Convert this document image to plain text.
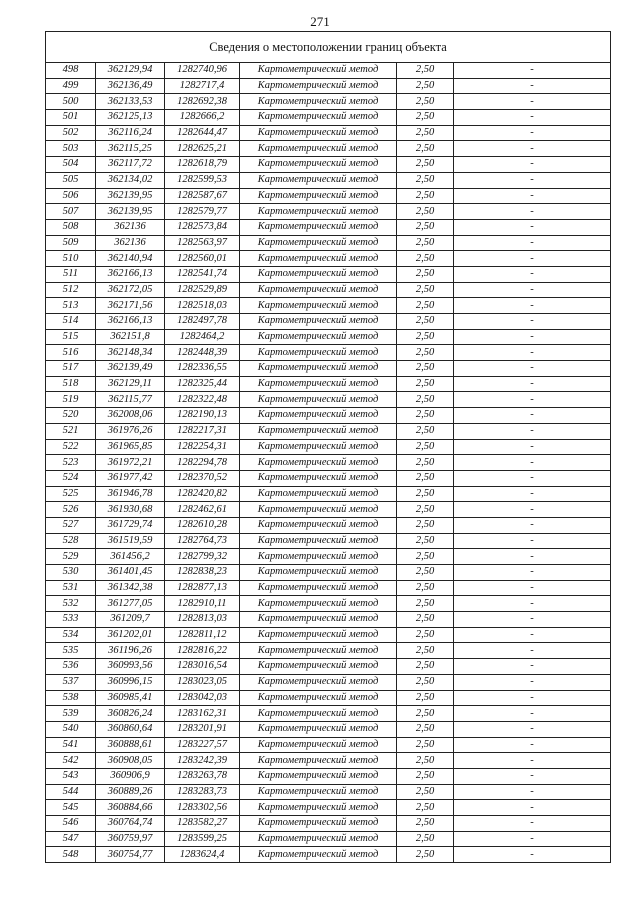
271
Сведения о местоположении границ объекта					
498	362129,94	1282740,96	Картометрический метод	2,50	-
499	362136,49	1282717,4	Картометрический метод	2,50	-
500	362133,53	1282692,38	Картометрический метод	2,50	-
501	362125,13	1282666,2	Картометрический метод	2,50	-
502	362116,24	1282644,47	Картометрический метод	2,50	-
503	362115,25	1282625,21	Картометрический метод	2,50	-
504	362117,72	1282618,79	Картометрический метод	2,50	-
505	362134,02	1282599,53	Картометрический метод	2,50	-
506	362139,95	1282587,67	Картометрический метод	2,50	-
507	362139,95	1282579,77	Картометрический метод	2,50	-
508	362136	1282573,84	Картометрический метод	2,50	-
509	362136	1282563,97	Картометрический метод	2,50	-
510	362140,94	1282560,01	Картометрический метод	2,50	-
511	362166,13	1282541,74	Картометрический метод	2,50	-
512	362172,05	1282529,89	Картометрический метод	2,50	-
513	362171,56	1282518,03	Картометрический метод	2,50	-
514	362166,13	1282497,78	Картометрический метод	2,50	-
515	362151,8	1282464,2	Картометрический метод	2,50	-
516	362148,34	1282448,39	Картометрический метод	2,50	-
517	362139,49	1282336,55	Картометрический метод	2,50	-
518	362129,11	1282325,44	Картометрический метод	2,50	-
519	362115,77	1282322,48	Картометрический метод	2,50	-
520	362008,06	1282190,13	Картометрический метод	2,50	-
521	361976,26	1282217,31	Картометрический метод	2,50	-
522	361965,85	1282254,31	Картометрический метод	2,50	-
523	361972,21	1282294,78	Картометрический метод	2,50	-
524	361977,42	1282370,52	Картометрический метод	2,50	-
525	361946,78	1282420,82	Картометрический метод	2,50	-
526	361930,68	1282462,61	Картометрический метод	2,50	-
527	361729,74	1282610,28	Картометрический метод	2,50	-
528	361519,59	1282764,73	Картометрический метод	2,50	-
529	361456,2	1282799,32	Картометрический метод	2,50	-
530	361401,45	1282838,23	Картометрический метод	2,50	-
531	361342,38	1282877,13	Картометрический метод	2,50	-
532	361277,05	1282910,11	Картометрический метод	2,50	-
533	361209,7	1282813,03	Картометрический метод	2,50	-
534	361202,01	1282811,12	Картометрический метод	2,50	-
535	361196,26	1282816,22	Картометрический метод	2,50	-
536	360993,56	1283016,54	Картометрический метод	2,50	-
537	360996,15	1283023,05	Картометрический метод	2,50	-
538	360985,41	1283042,03	Картометрический метод	2,50	-
539	360826,24	1283162,31	Картометрический метод	2,50	-
540	360860,64	1283201,91	Картометрический метод	2,50	-
541	360888,61	1283227,57	Картометрический метод	2,50	-
542	360908,05	1283242,39	Картометрический метод	2,50	-
543	360906,9	1283263,78	Картометрический метод	2,50	-
544	360889,26	1283283,73	Картометрический метод	2,50	-
545	360884,66	1283302,56	Картометрический метод	2,50	-
546	360764,74	1283582,27	Картометрический метод	2,50	-
547	360759,97	1283599,25	Картометрический метод	2,50	-
548	360754,77	1283624,4	Картометрический метод	2,50	-
